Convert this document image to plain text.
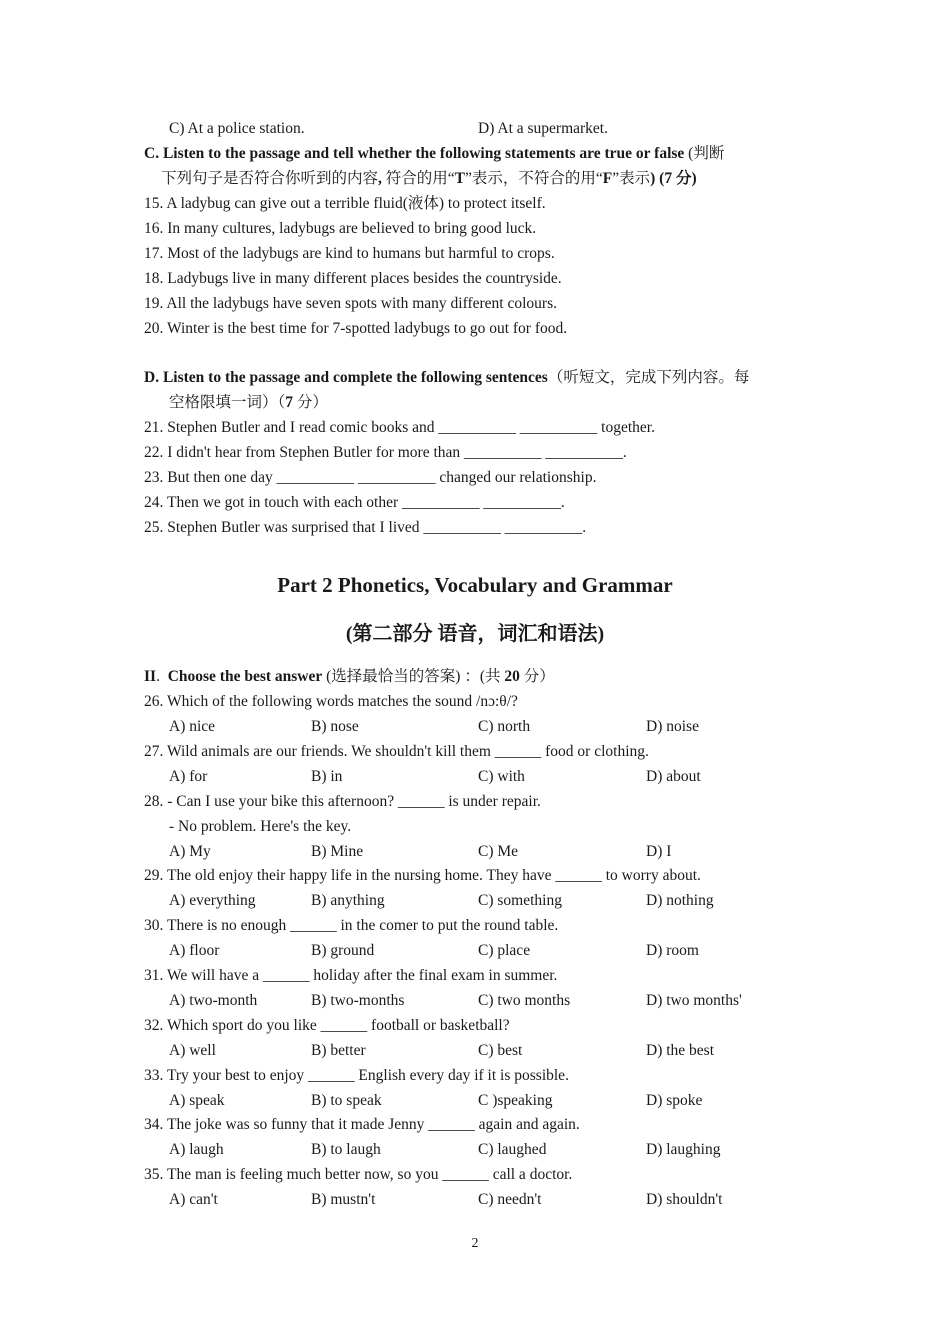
C) At a police station.	D) At a supermarket.
C. Listen to the passage and tell whether the following statements are true or false (判断
下列句子是否符合你听到的内容, 符合的用“T”表示，不符合的用“F”表示) (7 分)
15. A ladybug can give out a terrible fluid(液体) to protect itself.
16. In many cultures, ladybugs are believed to bring good luck.
17. Most of the ladybugs are kind to humans but harmful to crops.
18. Ladybugs live in many different places besides the countryside.
19. All the ladybugs have seven spots with many different colours.
20. Winter is the best time for 7-spotted ladybugs to go out for food.
D. Listen to the passage and complete the following sentences（听短文，完成下列内容。每
空格限填一词）（7 分）
21. Stephen Butler and I read comic books and __________ __________ together.
22. I didn't hear from Stephen Butler for more than __________ __________.
23. But then one day __________ __________ changed our relationship.
24. Then we got in touch with each other __________ __________.
25. Stephen Butler was surprised that I lived __________ __________.
Part 2 Phonetics, Vocabulary and Grammar
(第二部分 语音，词汇和语法)
II. Choose the best answer (选择最恰当的答案) ：(共 20 分）
26. Which of the following words matches the sound /nɔ:θ/?
A) nice	B) nose	C) north	D) noise
27. Wild animals are our friends. We shouldn't kill them ______ food or clothing.
A) for	B) in	C) with	D) about
28. - Can I use your bike this afternoon? ______ is under repair.
- No problem. Here's the key.
A) My	B) Mine	C) Me	D) I
29. The old enjoy their happy life in the nursing home. They have ______ to worry about.
A) everything	B) anything	C) something	D) nothing
30. There is no enough ______ in the comer to put the round table.
A) floor	B) ground	C) place	D) room
31. We will have a ______ holiday after the final exam in summer.
A) two-month	B) two-months	C) two months	D) two months'
32. Which sport do you like ______ football or basketball?
A) well	B) better	C) best	D) the best
33. Try your best to enjoy ______ English every day if it is possible.
A) speak	B) to speak	C )speaking	D) spoke
34. The joke was so funny that it made Jenny ______ again and again.
A) laugh	B) to laugh	C) laughed	D) laughing
35. The man is feeling much better now, so you ______ call a doctor.
A) can't	B) mustn't	C) needn't	D) shouldn't
2
